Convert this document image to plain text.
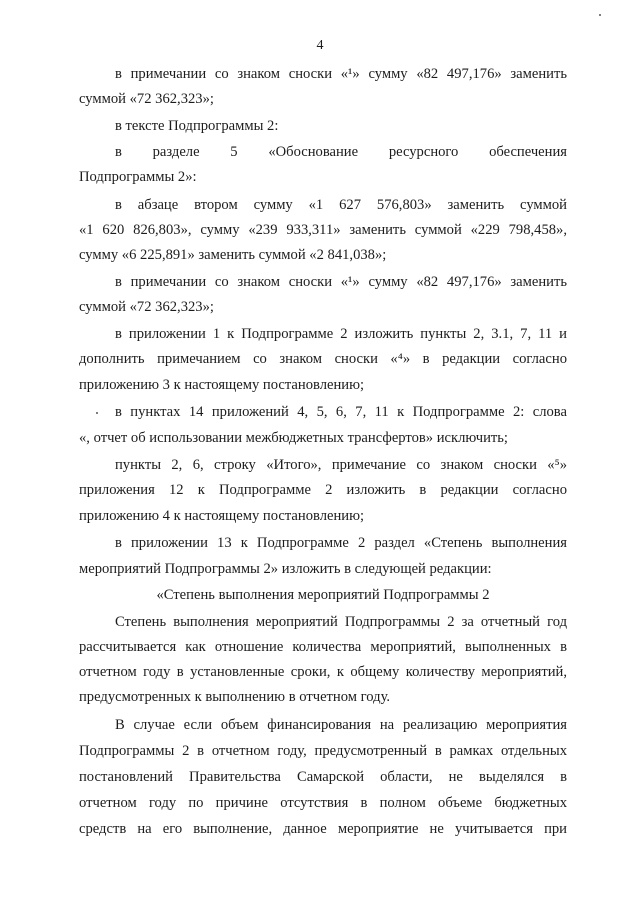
4
в примечании со знаком сноски «¹» сумму «82 497,176» заменить
суммой «72 362,323»;
в тексте Подпрограммы 2:
в разделе 5 «Обоснование ресурсного обеспечения
Подпрограммы 2»:
в абзаце втором сумму «1 627 576,803» заменить суммой
«1 620 826,803», сумму «239 933,311» заменить суммой «229 798,458»,
сумму «6 225,891» заменить суммой «2 841,038»;
в примечании со знаком сноски «¹» сумму «82 497,176» заменить
суммой «72 362,323»;
в приложении 1 к Подпрограмме 2 изложить пункты 2, 3.1, 7, 11 и
дополнить примечанием со знаком сноски «⁴» в редакции согласно
приложению 3 к настоящему постановлению;
в пунктах 14 приложений 4, 5, 6, 7, 11 к Подпрограмме 2: слова
«, отчет об использовании межбюджетных трансфертов» исключить;
пункты 2, 6, строку «Итого», примечание со знаком сноски «⁵»
приложения 12 к Подпрограмме 2 изложить в редакции согласно
приложению 4 к настоящему постановлению;
в приложении 13 к Подпрограмме 2 раздел «Степень выполнения
мероприятий Подпрограммы 2» изложить в следующей редакции:
«Степень выполнения мероприятий Подпрограммы 2
Степень выполнения мероприятий Подпрограммы 2 за отчетный год
рассчитывается как отношение количества мероприятий, выполненных в
отчетном году в установленные сроки, к общему количеству мероприятий,
предусмотренных к выполнению в отчетном году.
В случае если объем финансирования на реализацию мероприятия
Подпрограммы 2 в отчетном году, предусмотренный в рамках отдельных
постановлений Правительства Самарской области, не выделялся в
отчетном году по причине отсутствия в полном объеме бюджетных
средств на его выполнение, данное мероприятие не учитывается при
